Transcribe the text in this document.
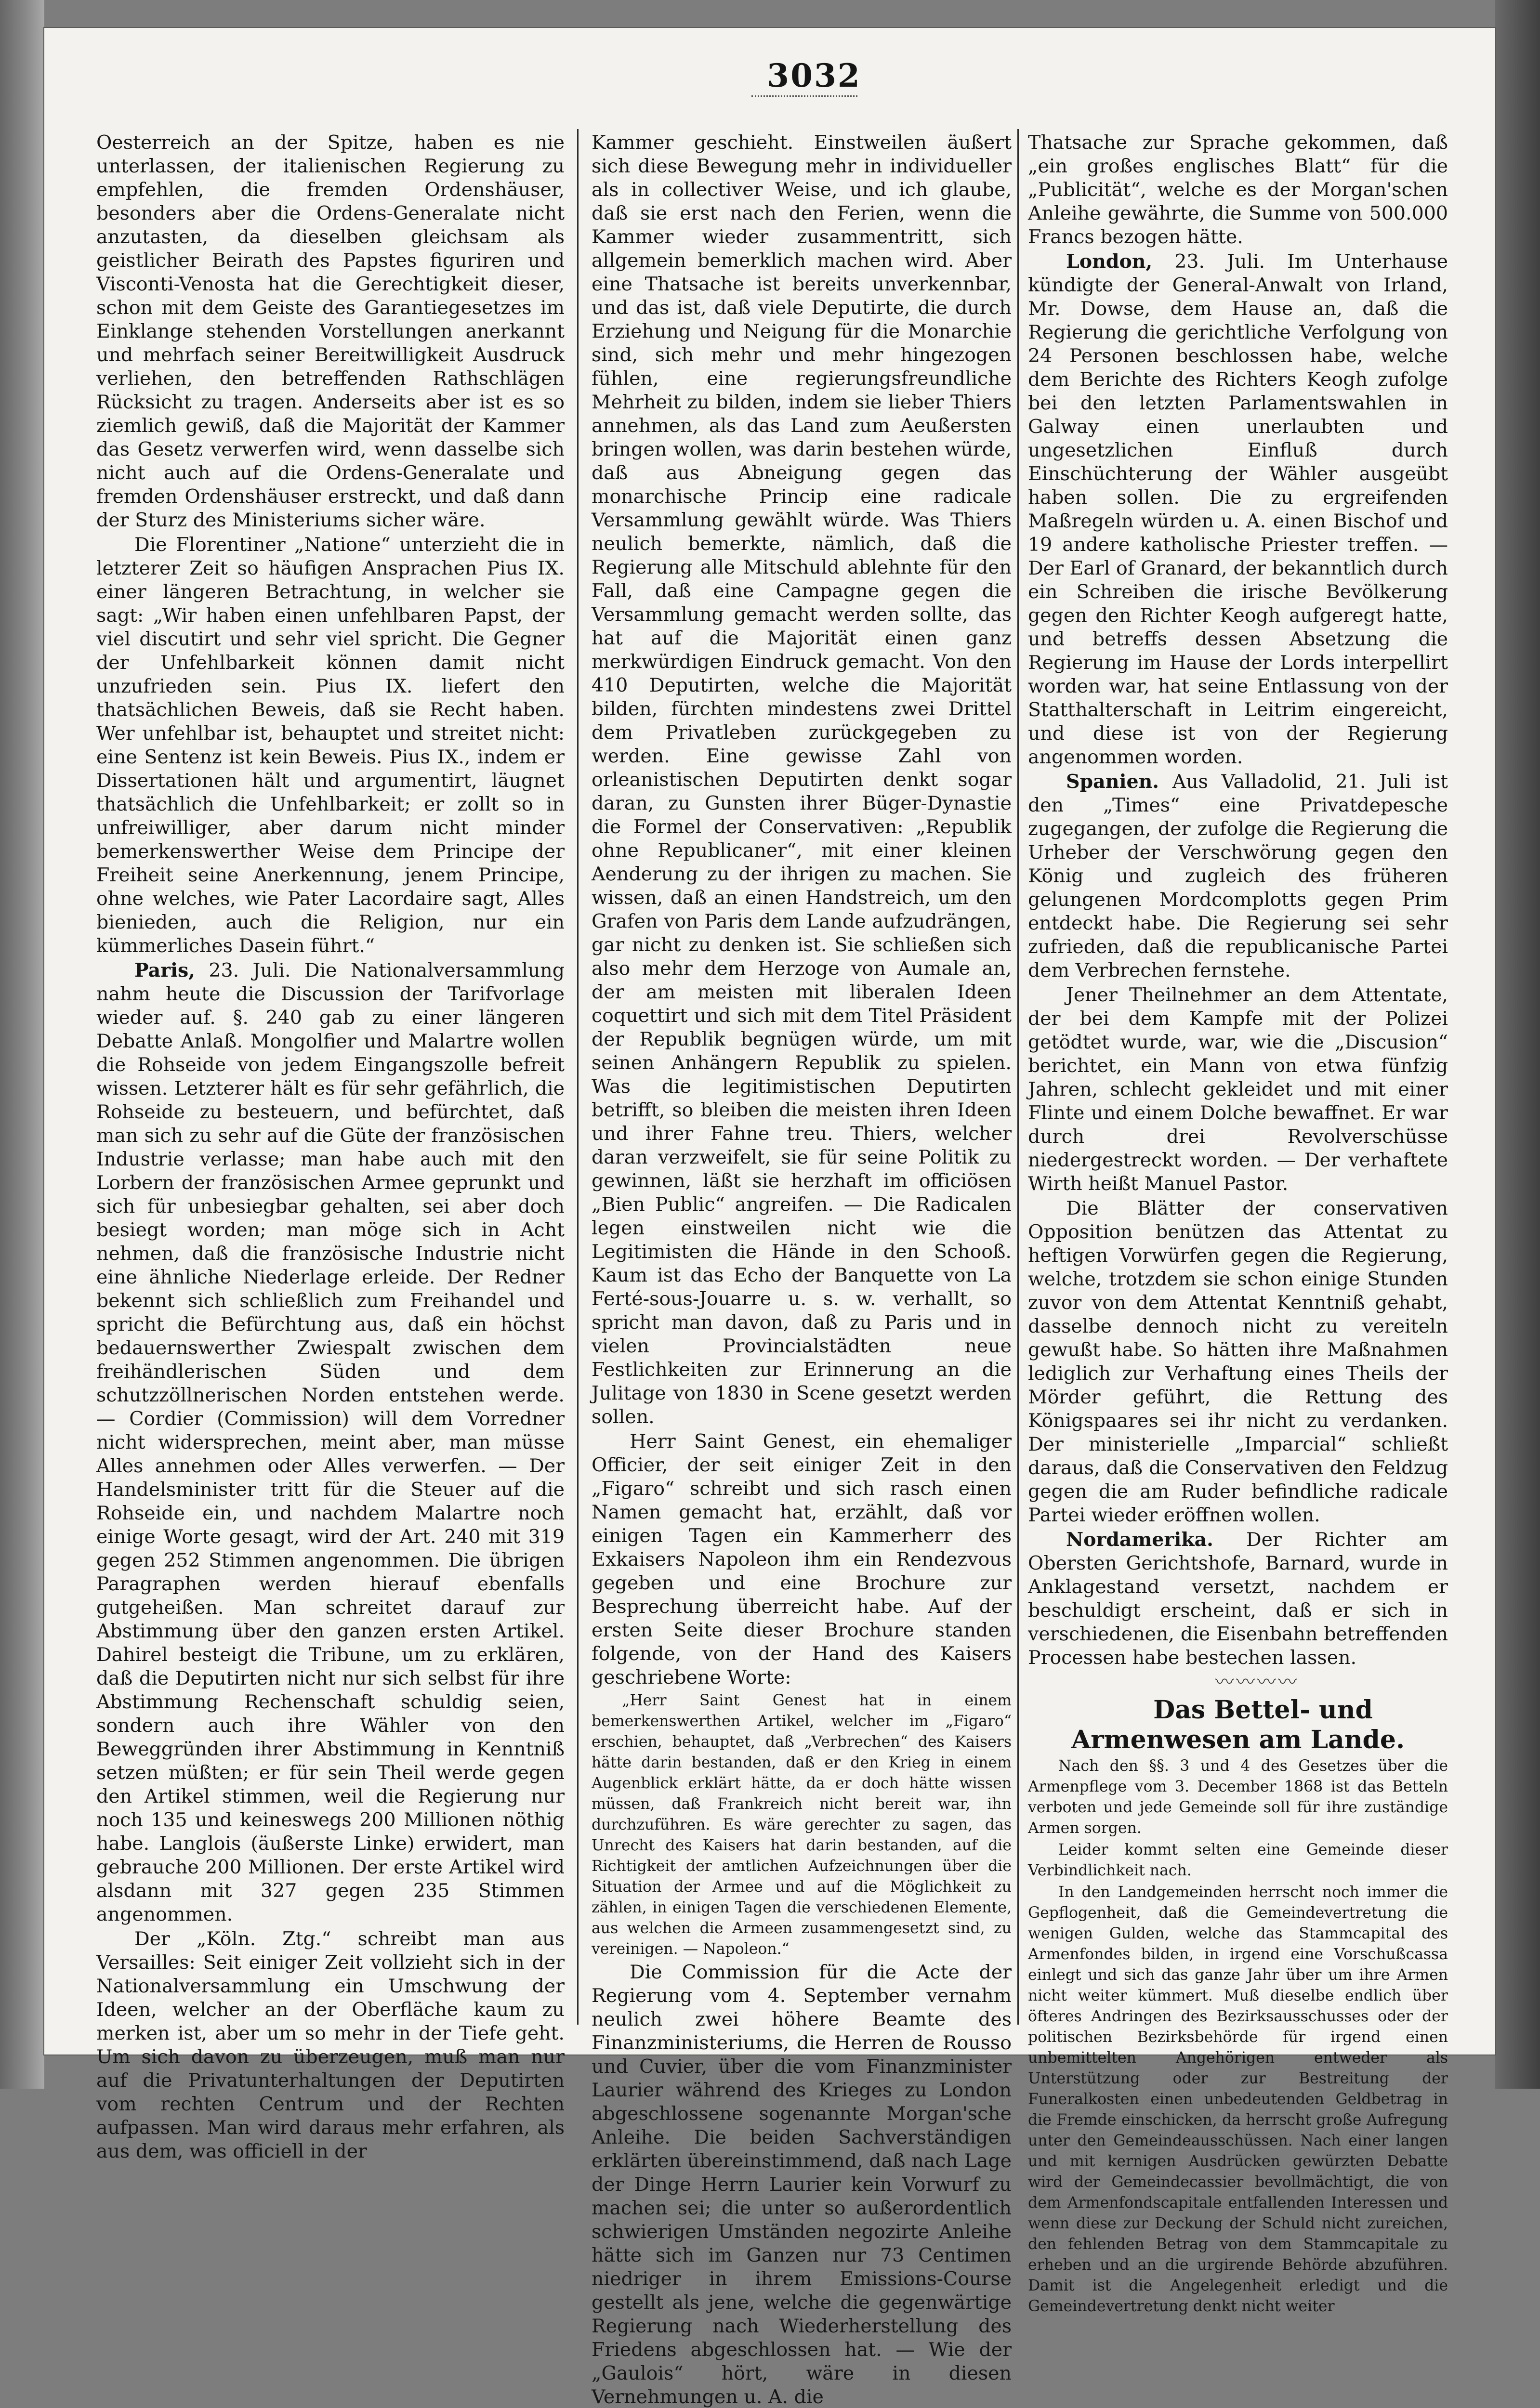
3032

Oesterreich an der Spitze, haben es nie unterlassen, der italienischen Regierung zu empfehlen, die fremden Ordenshäuser, besonders aber die Ordens-Generalate nicht anzutasten, da dieselben gleichsam als geistlicher Beirath des Papstes figuriren und Visconti-Venosta hat die Gerechtigkeit dieser, schon mit dem Geiste des Garantiegesetzes im Einklange stehenden Vorstellungen anerkannt und mehrfach seiner Bereitwilligkeit Ausdruck verliehen, den betreffenden Rathschlägen Rücksicht zu tragen. Anderseits aber ist es so ziemlich gewiß, daß die Majorität der Kammer das Gesetz verwerfen wird, wenn dasselbe sich nicht auch auf die Ordens-Generalate und fremden Ordenshäuser erstreckt, und daß dann der Sturz des Ministeriums sicher wäre.

Die Florentiner „Natione“ unterzieht die in letzterer Zeit so häufigen Ansprachen Pius IX. einer längeren Betrachtung, in welcher sie sagt: „Wir haben einen unfehlbaren Papst, der viel discutirt und sehr viel spricht. Die Gegner der Unfehlbarkeit können damit nicht unzufrieden sein. Pius IX. liefert den thatsächlichen Beweis, daß sie Recht haben. Wer unfehlbar ist, behauptet und streitet nicht: eine Sentenz ist kein Beweis. Pius IX., indem er Dissertationen hält und argumentirt, läugnet thatsächlich die Unfehlbarkeit; er zollt so in unfreiwilliger, aber darum nicht minder bemerkenswerther Weise dem Principe der Freiheit seine Anerkennung, jenem Principe, ohne welches, wie Pater Lacordaire sagt, Alles bienieden, auch die Religion, nur ein kümmerliches Dasein führt.“

Paris, 23. Juli. Die Nationalversammlung nahm heute die Discussion der Tarifvorlage wieder auf. §. 240 gab zu einer längeren Debatte Anlaß. Mongolfier und Malartre wollen die Rohseide von jedem Eingangszolle befreit wissen. Letzterer hält es für sehr gefährlich, die Rohseide zu besteuern, und befürchtet, daß man sich zu sehr auf die Güte der französischen Industrie verlasse; man habe auch mit den Lorbern der französischen Armee geprunkt und sich für unbesiegbar gehalten, sei aber doch besiegt worden; man möge sich in Acht nehmen, daß die französische Industrie nicht eine ähnliche Niederlage erleide. Der Redner bekennt sich schließlich zum Freihandel und spricht die Befürchtung aus, daß ein höchst bedauernswerther Zwiespalt zwischen dem freihändlerischen Süden und dem schutzzöllnerischen Norden entstehen werde. — Cordier (Commission) will dem Vorredner nicht widersprechen, meint aber, man müsse Alles annehmen oder Alles verwerfen. — Der Handelsminister tritt für die Steuer auf die Rohseide ein, und nachdem Malartre noch einige Worte gesagt, wird der Art. 240 mit 319 gegen 252 Stimmen angenommen. Die übrigen Paragraphen werden hierauf ebenfalls gutgeheißen. Man schreitet darauf zur Abstimmung über den ganzen ersten Artikel. Dahirel besteigt die Tribune, um zu erklären, daß die Deputirten nicht nur sich selbst für ihre Abstimmung Rechenschaft schuldig seien, sondern auch ihre Wähler von den Beweggründen ihrer Abstimmung in Kenntniß setzen müßten; er für sein Theil werde gegen den Artikel stimmen, weil die Regierung nur noch 135 und keineswegs 200 Millionen nöthig habe. Langlois (äußerste Linke) erwidert, man gebrauche 200 Millionen. Der erste Artikel wird alsdann mit 327 gegen 235 Stimmen angenommen.

Der „Köln. Ztg.“ schreibt man aus Versailles: Seit einiger Zeit vollzieht sich in der Nationalversammlung ein Umschwung der Ideen, welcher an der Oberfläche kaum zu merken ist, aber um so mehr in der Tiefe geht. Um sich davon zu überzeugen, muß man nur auf die Privatunterhaltungen der Deputirten vom rechten Centrum und der Rechten aufpassen. Man wird daraus mehr erfahren, als aus dem, was officiell in der

Kammer geschieht. Einstweilen äußert sich diese Bewegung mehr in individueller als in collectiver Weise, und ich glaube, daß sie erst nach den Ferien, wenn die Kammer wieder zusammentritt, sich allgemein bemerklich machen wird. Aber eine Thatsache ist bereits unverkennbar, und das ist, daß viele Deputirte, die durch Erziehung und Neigung für die Monarchie sind, sich mehr und mehr hingezogen fühlen, eine regierungsfreundliche Mehrheit zu bilden, indem sie lieber Thiers annehmen, als das Land zum Aeußersten bringen wollen, was darin bestehen würde, daß aus Abneigung gegen das monarchische Princip eine radicale Versammlung gewählt würde. Was Thiers neulich bemerkte, nämlich, daß die Regierung alle Mitschuld ablehnte für den Fall, daß eine Campagne gegen die Versammlung gemacht werden sollte, das hat auf die Majorität einen ganz merkwürdigen Eindruck gemacht. Von den 410 Deputirten, welche die Majorität bilden, fürchten mindestens zwei Drittel dem Privatleben zurückgegeben zu werden. Eine gewisse Zahl von orleanistischen Deputirten denkt sogar daran, zu Gunsten ihrer Büger-Dynastie die Formel der Conservativen: „Republik ohne Republicaner“, mit einer kleinen Aenderung zu der ihrigen zu machen. Sie wissen, daß an einen Handstreich, um den Grafen von Paris dem Lande aufzudrängen, gar nicht zu denken ist. Sie schließen sich also mehr dem Herzoge von Aumale an, der am meisten mit liberalen Ideen coquettirt und sich mit dem Titel Präsident der Republik begnügen würde, um mit seinen Anhängern Republik zu spielen. Was die legitimistischen Deputirten betrifft, so bleiben die meisten ihren Ideen und ihrer Fahne treu. Thiers, welcher daran verzweifelt, sie für seine Politik zu gewinnen, läßt sie herzhaft im officiösen „Bien Public“ angreifen. — Die Radicalen legen einstweilen nicht wie die Legitimisten die Hände in den Schooß. Kaum ist das Echo der Banquette von La Ferté-sous-Jouarre u. s. w. verhallt, so spricht man davon, daß zu Paris und in vielen Provincialstädten neue Festlichkeiten zur Erinnerung an die Julitage von 1830 in Scene gesetzt werden sollen.

Herr Saint Genest, ein ehemaliger Officier, der seit einiger Zeit in den „Figaro“ schreibt und sich rasch einen Namen gemacht hat, erzählt, daß vor einigen Tagen ein Kammerherr des Exkaisers Napoleon ihm ein Rendezvous gegeben und eine Brochure zur Besprechung überreicht habe. Auf der ersten Seite dieser Brochure standen folgende, von der Hand des Kaisers geschriebene Worte:

„Herr Saint Genest hat in einem bemerkenswerthen Artikel, welcher im „Figaro“ erschien, behauptet, daß „Verbrechen“ des Kaisers hätte darin bestanden, daß er den Krieg in einem Augenblick erklärt hätte, da er doch hätte wissen müssen, daß Frankreich nicht bereit war, ihn durchzuführen. Es wäre gerechter zu sagen, das Unrecht des Kaisers hat darin bestanden, auf die Richtigkeit der amtlichen Aufzeichnungen über die Situation der Armee und auf die Möglichkeit zu zählen, in einigen Tagen die verschiedenen Elemente, aus welchen die Armeen zusammengesetzt sind, zu vereinigen. — Napoleon.“

Die Commission für die Acte der Regierung vom 4. September vernahm neulich zwei höhere Beamte des Finanzministeriums, die Herren de Rousso und Cuvier, über die vom Finanzminister Laurier während des Krieges zu London abgeschlossene sogenannte Morgan'sche Anleihe. Die beiden Sachverständigen erklärten übereinstimmend, daß nach Lage der Dinge Herrn Laurier kein Vorwurf zu machen sei; die unter so außerordentlich schwierigen Umständen negozirte Anleihe hätte sich im Ganzen nur 73 Centimen niedriger in ihrem Emissions-Course gestellt als jene, welche die gegenwärtige Regierung nach Wiederherstellung des Friedens abgeschlossen hat. — Wie der „Gaulois“ hört, wäre in diesen Vernehmungen u. A. die

Thatsache zur Sprache gekommen, daß „ein großes englisches Blatt“ für die „Publicität“, welche es der Morgan'schen Anleihe gewährte, die Summe von 500.000 Francs bezogen hätte.

London, 23. Juli. Im Unterhause kündigte der General-Anwalt von Irland, Mr. Dowse, dem Hause an, daß die Regierung die gerichtliche Verfolgung von 24 Personen beschlossen habe, welche dem Berichte des Richters Keogh zufolge bei den letzten Parlamentswahlen in Galway einen unerlaubten und ungesetzlichen Einfluß durch Einschüchterung der Wähler ausgeübt haben sollen. Die zu ergreifenden Maßregeln würden u. A. einen Bischof und 19 andere katholische Priester treffen. — Der Earl of Granard, der bekanntlich durch ein Schreiben die irische Bevölkerung gegen den Richter Keogh aufgeregt hatte, und betreffs dessen Absetzung die Regierung im Hause der Lords interpellirt worden war, hat seine Entlassung von der Statthalterschaft in Leitrim eingereicht, und diese ist von der Regierung angenommen worden.

Spanien. Aus Valladolid, 21. Juli ist den „Times“ eine Privatdepesche zugegangen, der zufolge die Regierung die Urheber der Verschwörung gegen den König und zugleich des früheren gelungenen Mordcomplotts gegen Prim entdeckt habe. Die Regierung sei sehr zufrieden, daß die republicanische Partei dem Verbrechen fernstehe.

Jener Theilnehmer an dem Attentate, der bei dem Kampfe mit der Polizei getödtet wurde, war, wie die „Discusion“ berichtet, ein Mann von etwa fünfzig Jahren, schlecht gekleidet und mit einer Flinte und einem Dolche bewaffnet. Er war durch drei Revolverschüsse niedergestreckt worden. — Der verhaftete Wirth heißt Manuel Pastor.

Die Blätter der conservativen Opposition benützen das Attentat zu heftigen Vorwürfen gegen die Regierung, welche, trotzdem sie schon einige Stunden zuvor von dem Attentat Kenntniß gehabt, dasselbe dennoch nicht zu vereiteln gewußt habe. So hätten ihre Maßnahmen lediglich zur Verhaftung eines Theils der Mörder geführt, die Rettung des Königspaares sei ihr nicht zu verdanken. Der ministerielle „Imparcial“ schließt daraus, daß die Conservativen den Feldzug gegen die am Ruder befindliche radicale Partei wieder eröffnen wollen.

Nordamerika. Der Richter am Obersten Gerichtshofe, Barnard, wurde in Anklagestand versetzt, nachdem er beschuldigt erscheint, daß er sich in verschiedenen, die Eisenbahn betreffenden Processen habe bestechen lassen.

〰〰〰〰

Das Bettel- und Armenwesen am Lande.

Nach den §§. 3 und 4 des Gesetzes über die Armenpflege vom 3. December 1868 ist das Betteln verboten und jede Gemeinde soll für ihre zuständige Armen sorgen.

Leider kommt selten eine Gemeinde dieser Verbindlichkeit nach.

In den Landgemeinden herrscht noch immer die Gepflogenheit, daß die Gemeindevertretung die wenigen Gulden, welche das Stammcapital des Armenfondes bilden, in irgend eine Vorschußcassa einlegt und sich das ganze Jahr über um ihre Armen nicht weiter kümmert. Muß dieselbe endlich über öfteres Andringen des Bezirksausschusses oder der politischen Bezirksbehörde für irgend einen unbemittelten Angehörigen entweder als Unterstützung oder zur Bestreitung der Funeralkosten einen unbedeutenden Geldbetrag in die Fremde einschicken, da herrscht große Aufregung unter den Gemeindeausschüssen. Nach einer langen und mit kernigen Ausdrücken gewürzten Debatte wird der Gemeindecassier bevollmächtigt, die von dem Armenfondscapitale entfallenden Interessen und wenn diese zur Deckung der Schuld nicht zureichen, den fehlenden Betrag von dem Stammcapitale zu erheben und an die urgirende Behörde abzuführen. Damit ist die Angelegenheit erledigt und die Gemeindevertretung denkt nicht weiter
